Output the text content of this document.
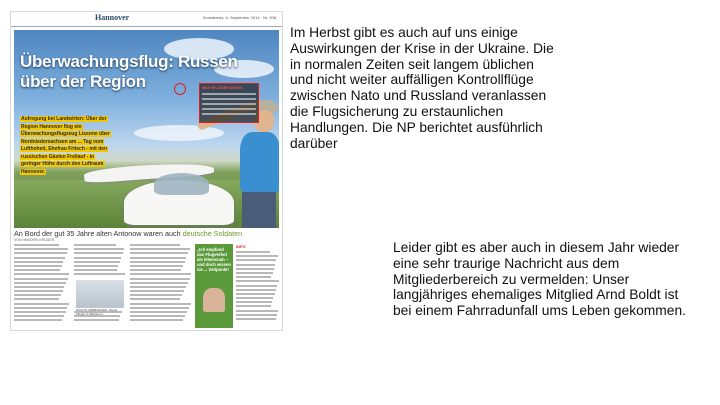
Hannover	Sonnabend, 6. September 2014 · Nr. 208
Überwachungsflug: Russen
über der Region
Aufregung bei Landwirten: Über der Region Hannover flog ein Überwachungsflugzeug Lissone über Nordniedersachsen am ... Tag vom Lufthoheit, Ehefrau Fritsch - mit den russischen Gästen Freilauf - in geringer Höhe durch den Luftraum Hannover.
WAS NP-LESER SAHEN
An Bord der gut 35 Jahre alten Antonow waren auch deutsche Soldaten
VON HENDRIK KRÜGER
NICHTS VERBORGEN: Dieser Flieger in Manövern...
„Ich empfand das Flugverbot als lebensnah – und doch wissen sie ... Zeitpunkt!
INFO
Im Herbst gibt es auch auf uns einige Auswirkungen der Krise in der Ukraine. Die in normalen Zeiten seit langem üblichen und nicht weiter auffälligen Kontrollflüge zwischen Nato und Russland veranlassen die Flugsicherung zu erstaunlichen Handlungen. Die NP berichtet ausführlich darüber
Leider gibt es aber auch in diesem Jahr wieder eine sehr traurige Nachricht aus dem Mitgliederbereich zu vermelden: Unser langjähriges ehemaliges Mitglied Arnd Boldt ist bei einem Fahrradunfall ums Leben gekommen.
